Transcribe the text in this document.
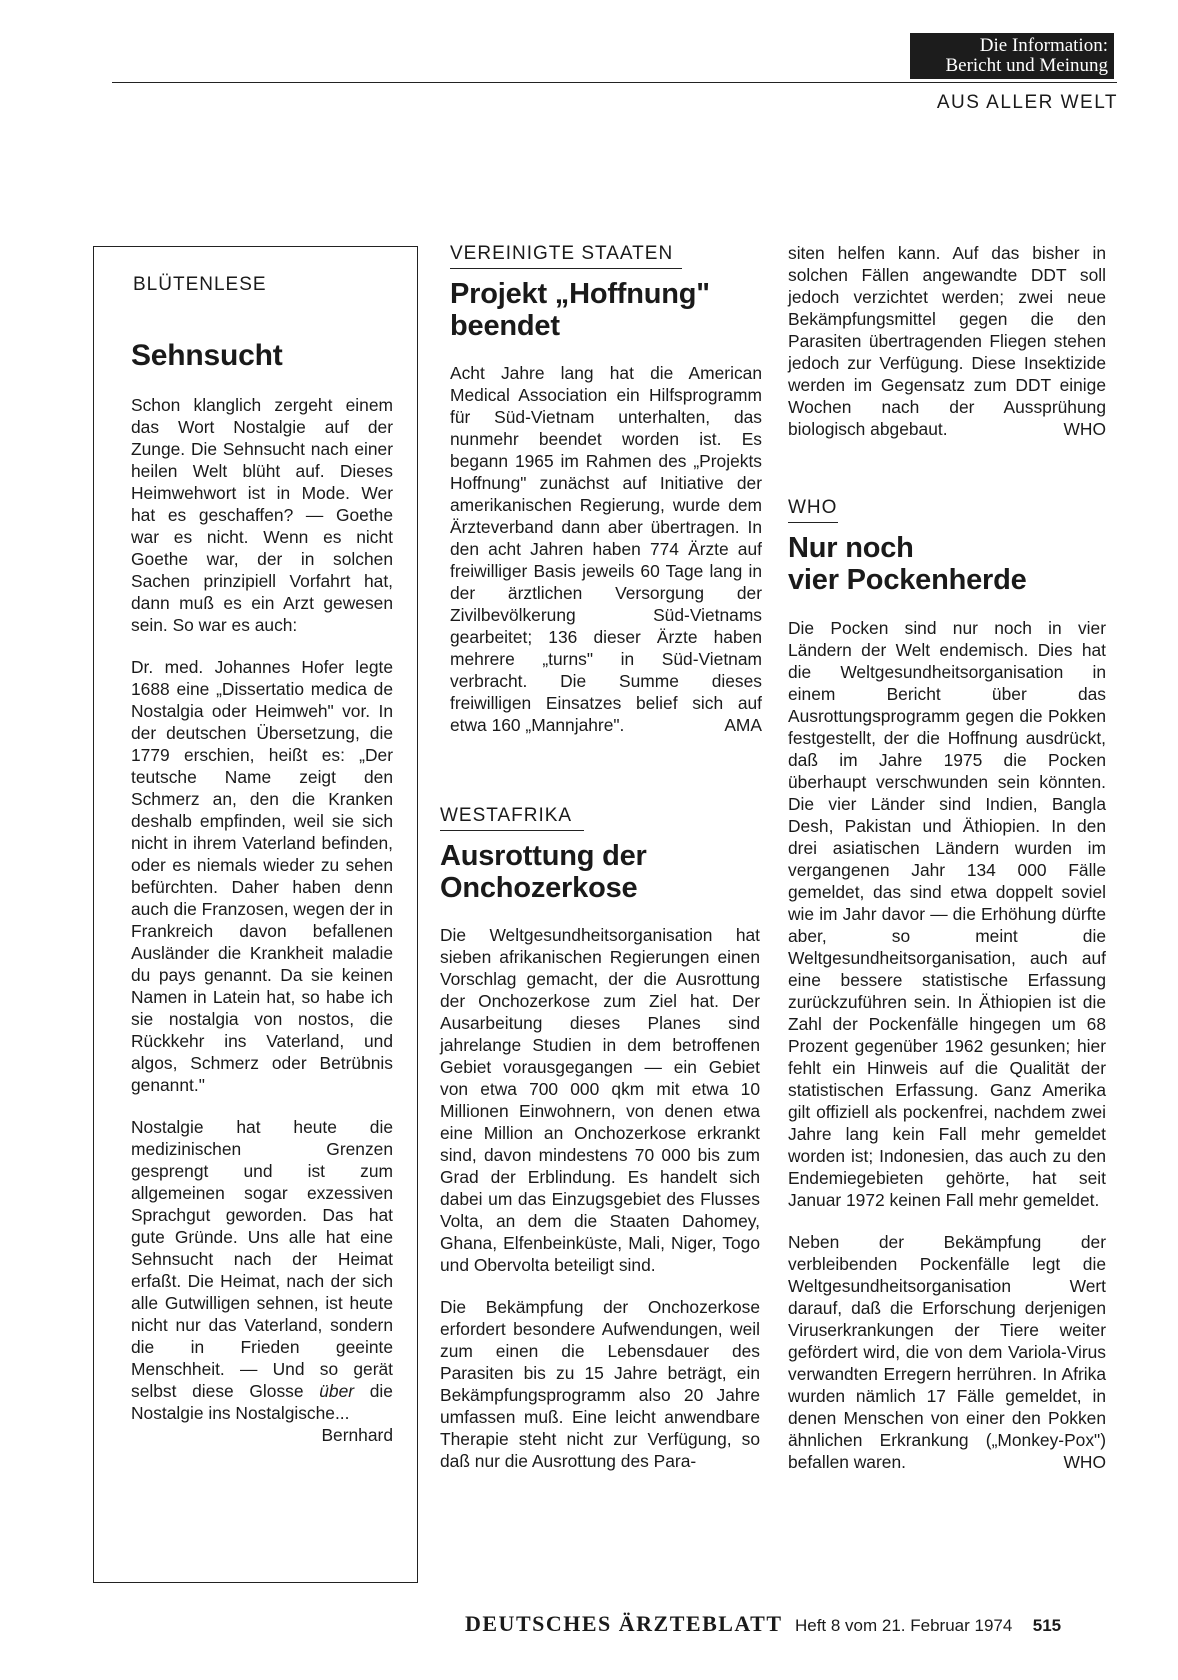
Die Information:
Bericht und Meinung
AUS ALLER WELT
BLÜTENLESE
Sehnsucht

Schon klanglich zergeht einem das Wort Nostalgie auf der Zunge. Die Sehnsucht nach einer heilen Welt blüht auf. Dieses Heimwehwort ist in Mode. Wer hat es geschaffen? — Goethe war es nicht. Wenn es nicht Goethe war, der in solchen Sachen prinzipiell Vorfahrt hat, dann muß es ein Arzt gewesen sein. So war es auch:

Dr. med. Johannes Hofer legte 1688 eine „Dissertatio medica de Nostalgia oder Heimweh" vor. In der deutschen Übersetzung, die 1779 erschien, heißt es: „Der teutsche Name zeigt den Schmerz an, den die Kranken deshalb empfinden, weil sie sich nicht in ihrem Vaterland befinden, oder es niemals wieder zu sehen befürchten. Daher haben denn auch die Franzosen, wegen der in Frankreich davon befallenen Ausländer die Krankheit maladie du pays genannt. Da sie keinen Namen in Latein hat, so habe ich sie nostalgia von nostos, die Rückkehr ins Vaterland, und algos, Schmerz oder Betrübnis genannt."

Nostalgie hat heute die medizinischen Grenzen gesprengt und ist zum allgemeinen sogar exzessiven Sprachgut geworden. Das hat gute Gründe. Uns alle hat eine Sehnsucht nach der Heimat erfaßt. Die Heimat, nach der sich alle Gutwilligen sehnen, ist heute nicht nur das Vaterland, sondern die in Frieden geeinte Menschheit. — Und so gerät selbst diese Glosse über die Nostalgie ins Nostalgische...
Bernhard

VEREINIGTE STAATEN
Projekt „Hoffnung"
beendet

Acht Jahre lang hat die American Medical Association ein Hilfsprogramm für Süd-Vietnam unterhalten, das nunmehr beendet worden ist. Es begann 1965 im Rahmen des „Projekts Hoffnung" zunächst auf Initiative der amerikanischen Regierung, wurde dem Ärzteverband dann aber übertragen. In den acht Jahren haben 774 Ärzte auf freiwilliger Basis jeweils 60 Tage lang in der ärztlichen Versorgung der Zivilbevölkerung Süd-Vietnams gearbeitet; 136 dieser Ärzte haben mehrere „turns" in Süd-Vietnam verbracht. Die Summe dieses freiwilligen Einsatzes belief sich auf etwa 160 „Mannjahre".	AMA

WESTAFRIKA
Ausrottung der
Onchozerkose

Die Weltgesundheitsorganisation hat sieben afrikanischen Regierungen einen Vorschlag gemacht, der die Ausrottung der Onchozerkose zum Ziel hat. Der Ausarbeitung dieses Planes sind jahrelange Studien in dem betroffenen Gebiet vorausgegangen — ein Gebiet von etwa 700 000 qkm mit etwa 10 Millionen Einwohnern, von denen etwa eine Million an Onchozerkose erkrankt sind, davon mindestens 70 000 bis zum Grad der Erblindung. Es handelt sich dabei um das Einzugsgebiet des Flusses Volta, an dem die Staaten Dahomey, Ghana, Elfenbeinküste, Mali, Niger, Togo und Obervolta beteiligt sind.

Die Bekämpfung der Onchozerkose erfordert besondere Aufwendungen, weil zum einen die Lebensdauer des Parasiten bis zu 15 Jahre beträgt, ein Bekämpfungsprogramm also 20 Jahre umfassen muß. Eine leicht anwendbare Therapie steht nicht zur Verfügung, so daß nur die Ausrottung des Para-

siten helfen kann. Auf das bisher in solchen Fällen angewandte DDT soll jedoch verzichtet werden; zwei neue Bekämpfungsmittel gegen die den Parasiten übertragenden Fliegen stehen jedoch zur Verfügung. Diese Insektizide werden im Gegensatz zum DDT einige Wochen nach der Aussprühung biologisch abgebaut.	WHO

WHO
Nur noch
vier Pockenherde

Die Pocken sind nur noch in vier Ländern der Welt endemisch. Dies hat die Weltgesundheitsorganisation in einem Bericht über das Ausrottungsprogramm gegen die Pokken festgestellt, der die Hoffnung ausdrückt, daß im Jahre 1975 die Pocken überhaupt verschwunden sein könnten. Die vier Länder sind Indien, Bangla Desh, Pakistan und Äthiopien. In den drei asiatischen Ländern wurden im vergangenen Jahr 134 000 Fälle gemeldet, das sind etwa doppelt soviel wie im Jahr davor — die Erhöhung dürfte aber, so meint die Weltgesundheitsorganisation, auch auf eine bessere statistische Erfassung zurückzuführen sein. In Äthiopien ist die Zahl der Pockenfälle hingegen um 68 Prozent gegenüber 1962 gesunken; hier fehlt ein Hinweis auf die Qualität der statistischen Erfassung. Ganz Amerika gilt offiziell als pockenfrei, nachdem zwei Jahre lang kein Fall mehr gemeldet worden ist; Indonesien, das auch zu den Endemiegebieten gehörte, hat seit Januar 1972 keinen Fall mehr gemeldet.

Neben der Bekämpfung der verbleibenden Pockenfälle legt die Weltgesundheitsorganisation Wert darauf, daß die Erforschung derjenigen Viruserkrankungen der Tiere weiter gefördert wird, die von dem Variola-Virus verwandten Erregern herrühren. In Afrika wurden nämlich 17 Fälle gemeldet, in denen Menschen von einer den Pokken ähnlichen Erkrankung („Monkey-Pox") befallen waren.	WHO

DEUTSCHES ÄRZTEBLATT Heft 8 vom 21. Februar 1974 515
